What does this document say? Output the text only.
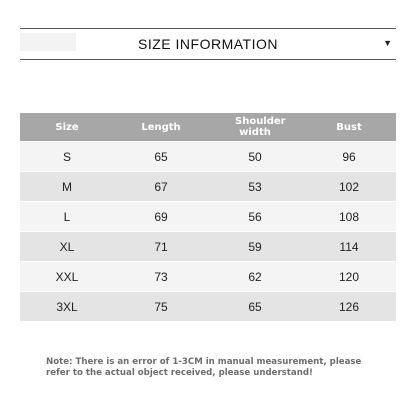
SIZE INFORMATION	▼
Size	Length	Shoulder width	Bust
S	65	50	96
M	67	53	102
L	69	56	108
XL	71	59	114
XXL	73	62	120
3XL	75	65	126
Note: There is an error of 1-3CM in manual measurement, please refer to the actual object received, please understand!
